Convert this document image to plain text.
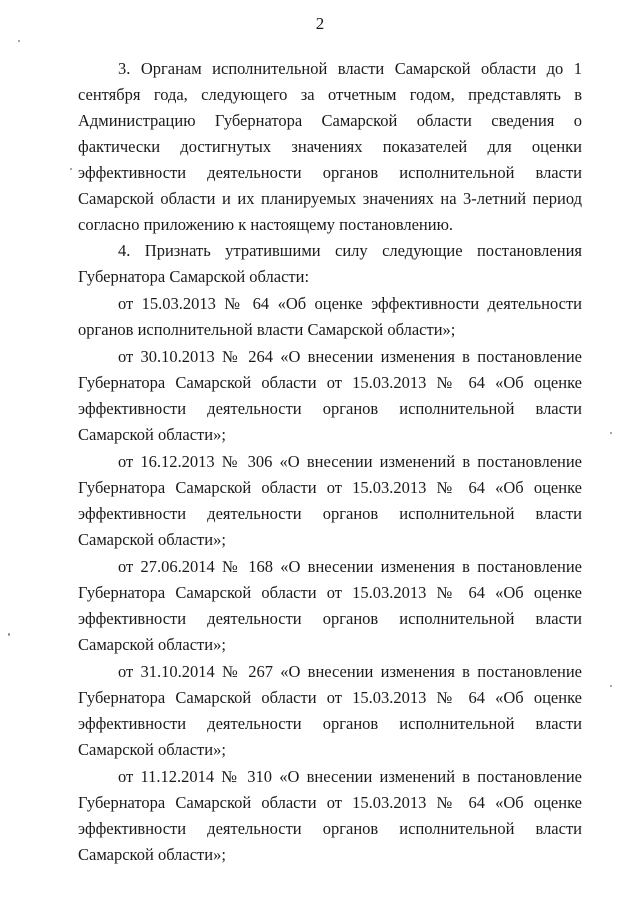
2

3. Органам исполнительной власти Самарской области до 1 сентября года, следующего за отчетным годом, представлять в Администрацию Губернатора Самарской области сведения о фактически достигнутых значениях показателей для оценки эффективности деятельности органов исполнительной власти Самарской области и их планируемых значениях на 3-летний период согласно приложению к настоящему постановлению.

4. Признать утратившими силу следующие постановления Губернатора Самарской области:

от 15.03.2013 № 64 «Об оценке эффективности деятельности органов исполнительной власти Самарской области»;

от 30.10.2013 № 264 «О внесении изменения в постановление Губернатора Самарской области от 15.03.2013 № 64 «Об оценке эффективности деятельности органов исполнительной власти Самарской области»;

от 16.12.2013 № 306 «О внесении изменений в постановление Губернатора Самарской области от 15.03.2013 № 64 «Об оценке эффективности деятельности органов исполнительной власти Самарской области»;

от 27.06.2014 № 168 «О внесении изменения в постановление Губернатора Самарской области от 15.03.2013 № 64 «Об оценке эффективности деятельности органов исполнительной власти Самарской области»;

от 31.10.2014 № 267 «О внесении изменения в постановление Губернатора Самарской области от 15.03.2013 № 64 «Об оценке эффективности деятельности органов исполнительной власти Самарской области»;

от 11.12.2014 № 310 «О внесении изменений в постановление Губернатора Самарской области от 15.03.2013 № 64 «Об оценке эффективности деятельности органов исполнительной власти Самарской области»;
